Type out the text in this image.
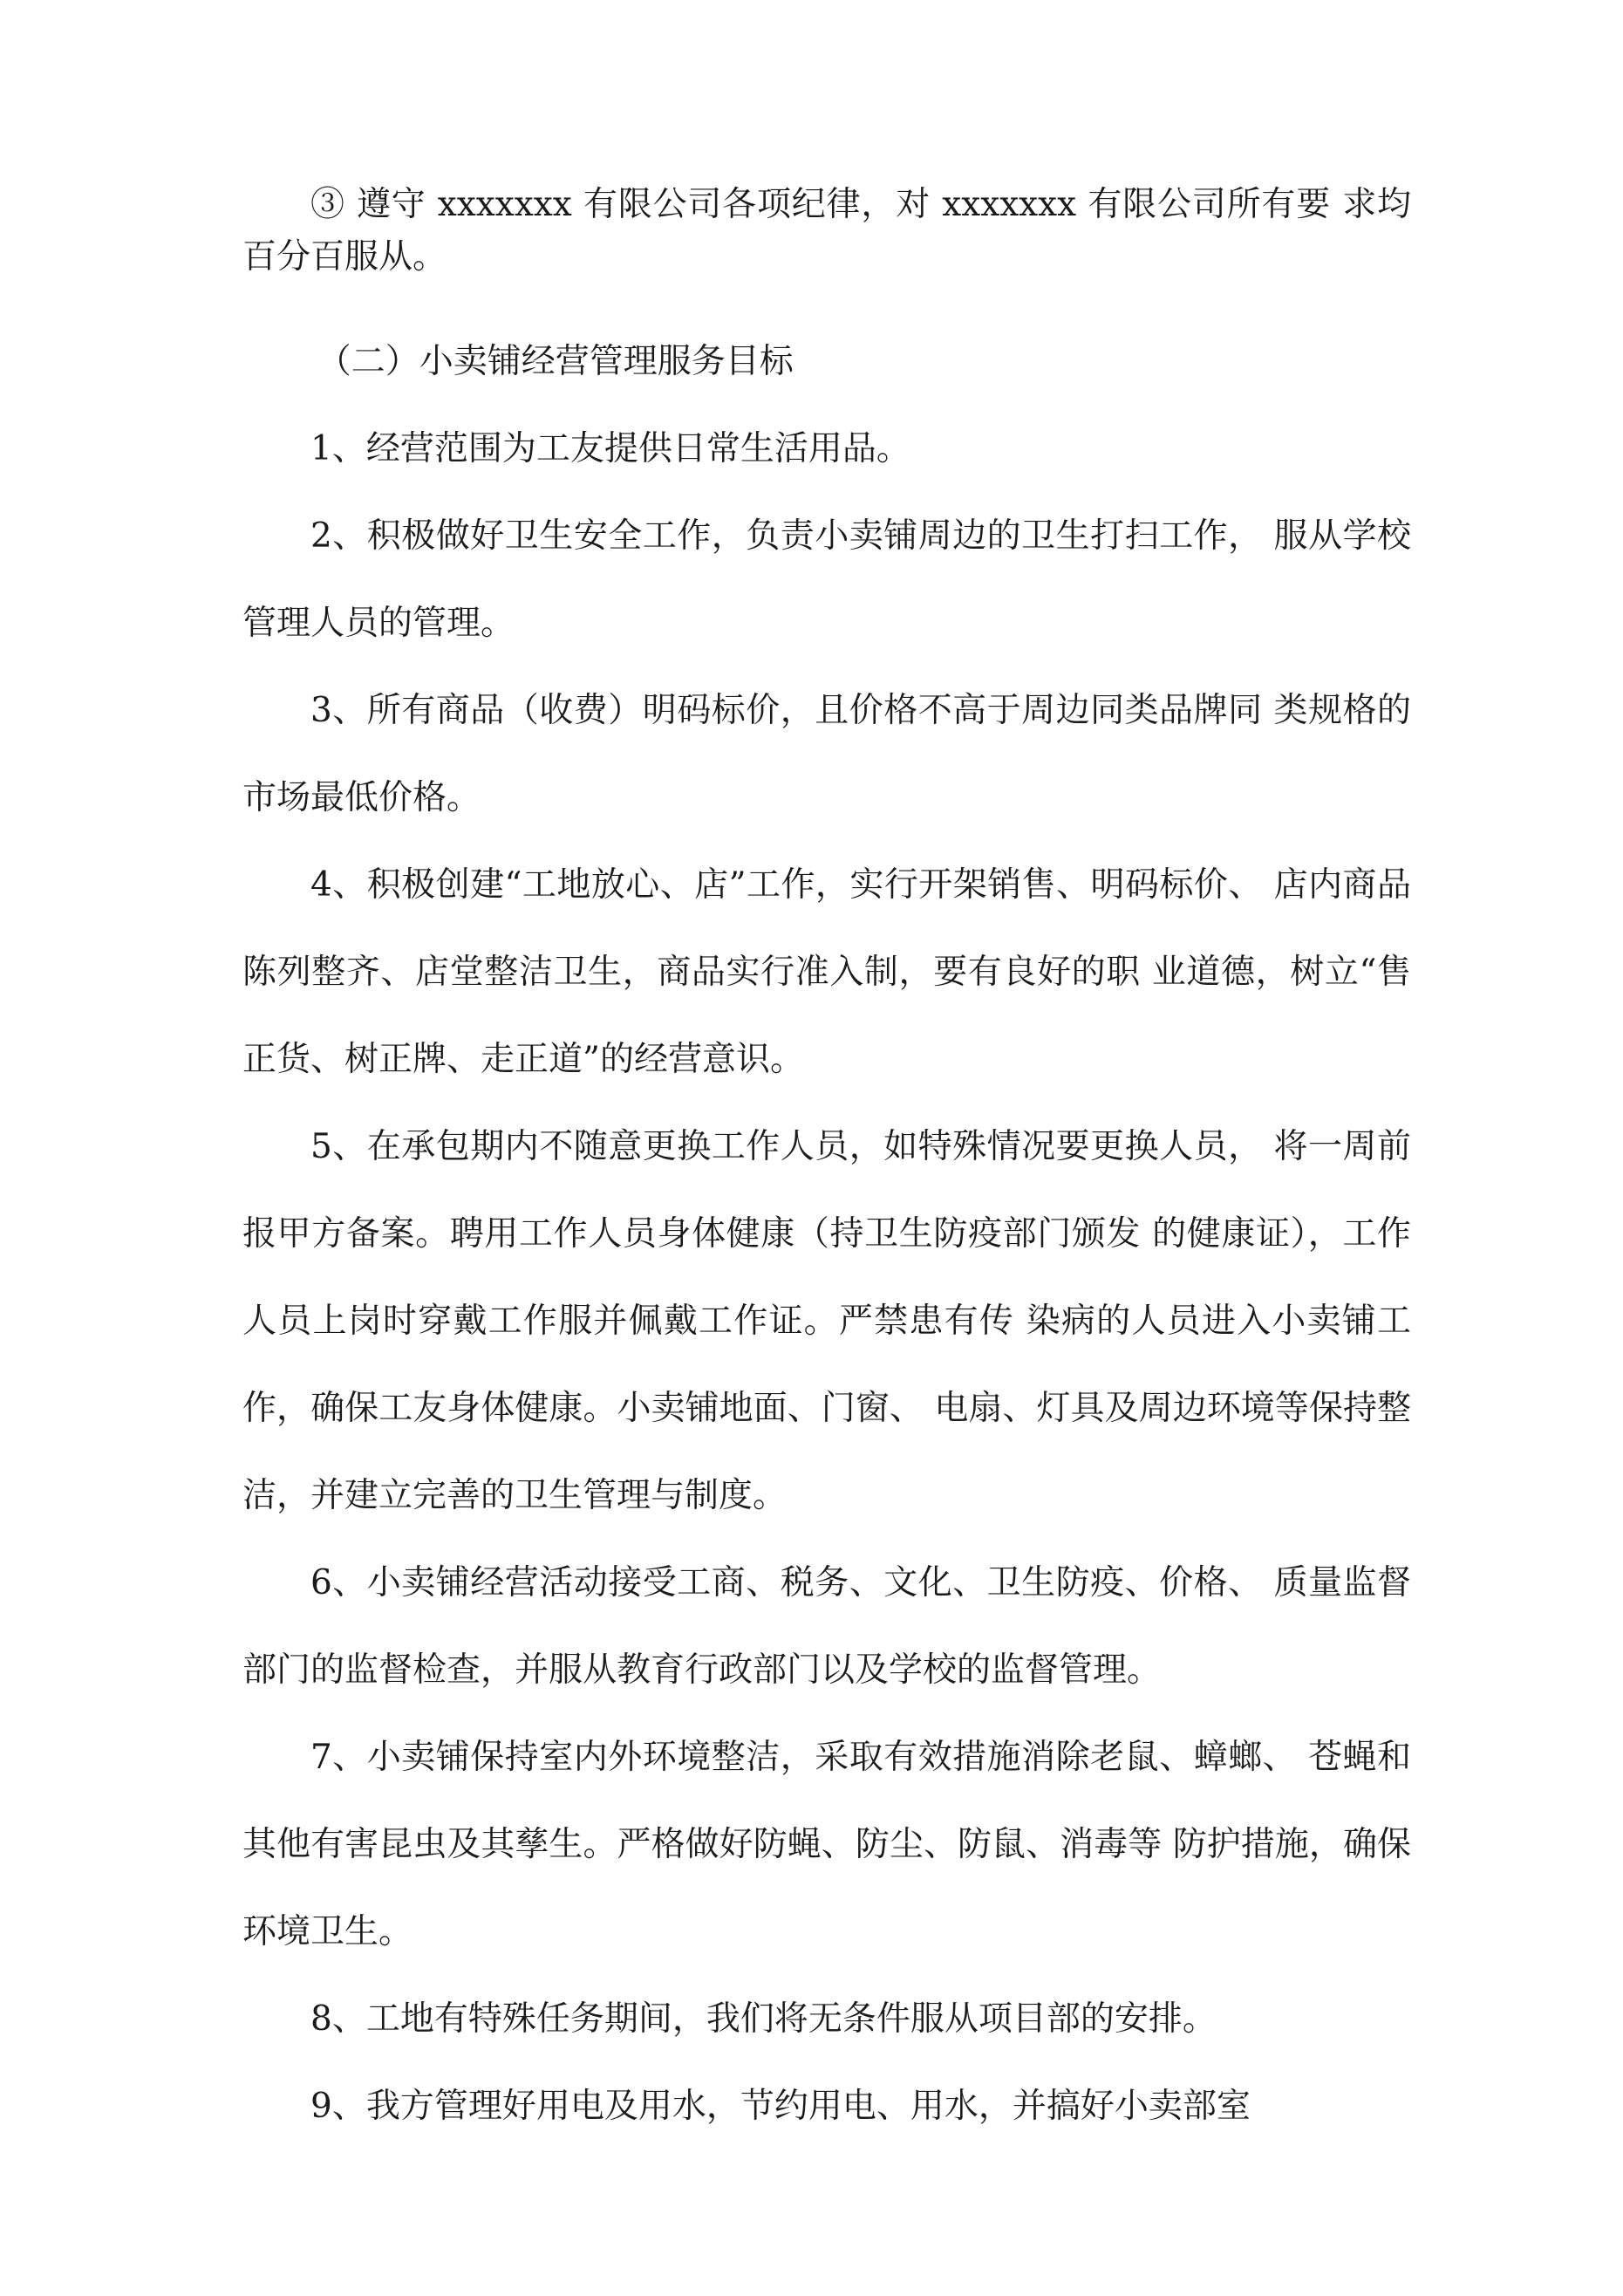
③ 遵守 xxxxxxx 有限公司各项纪律，对 xxxxxxx 有限公司所有要 求均百分百服从。

（二）小卖铺经营管理服务目标

1、经营范围为工友提供日常生活用品。

2、积极做好卫生安全工作，负责小卖铺周边的卫生打扫工作， 服从学校管理人员的管理。

3、所有商品（收费）明码标价，且价格不高于周边同类品牌同 类规格的市场最低价格。

4、积极创建“工地放心、店”工作，实行开架销售、明码标价、 店内商品陈列整齐、店堂整洁卫生，商品实行准入制，要有良好的职 业道德，树立“售正货、树正牌、走正道”的经营意识。

5、在承包期内不随意更换工作人员，如特殊情况要更换人员， 将一周前报甲方备案。聘用工作人员身体健康（持卫生防疫部门颁发 的健康证），工作人员上岗时穿戴工作服并佩戴工作证。严禁患有传 染病的人员进入小卖铺工作，确保工友身体健康。小卖铺地面、门窗、 电扇、灯具及周边环境等保持整洁，并建立完善的卫生管理与制度。

6、小卖铺经营活动接受工商、税务、文化、卫生防疫、价格、 质量监督部门的监督检查，并服从教育行政部门以及学校的监督管理。

7、小卖铺保持室内外环境整洁，采取有效措施消除老鼠、蟑螂、 苍蝇和其他有害昆虫及其孳生。严格做好防蝇、防尘、防鼠、消毒等 防护措施，确保环境卫生。

8、工地有特殊任务期间，我们将无条件服从项目部的安排。

9、我方管理好用电及用水，节约用电、用水，并搞好小卖部室
